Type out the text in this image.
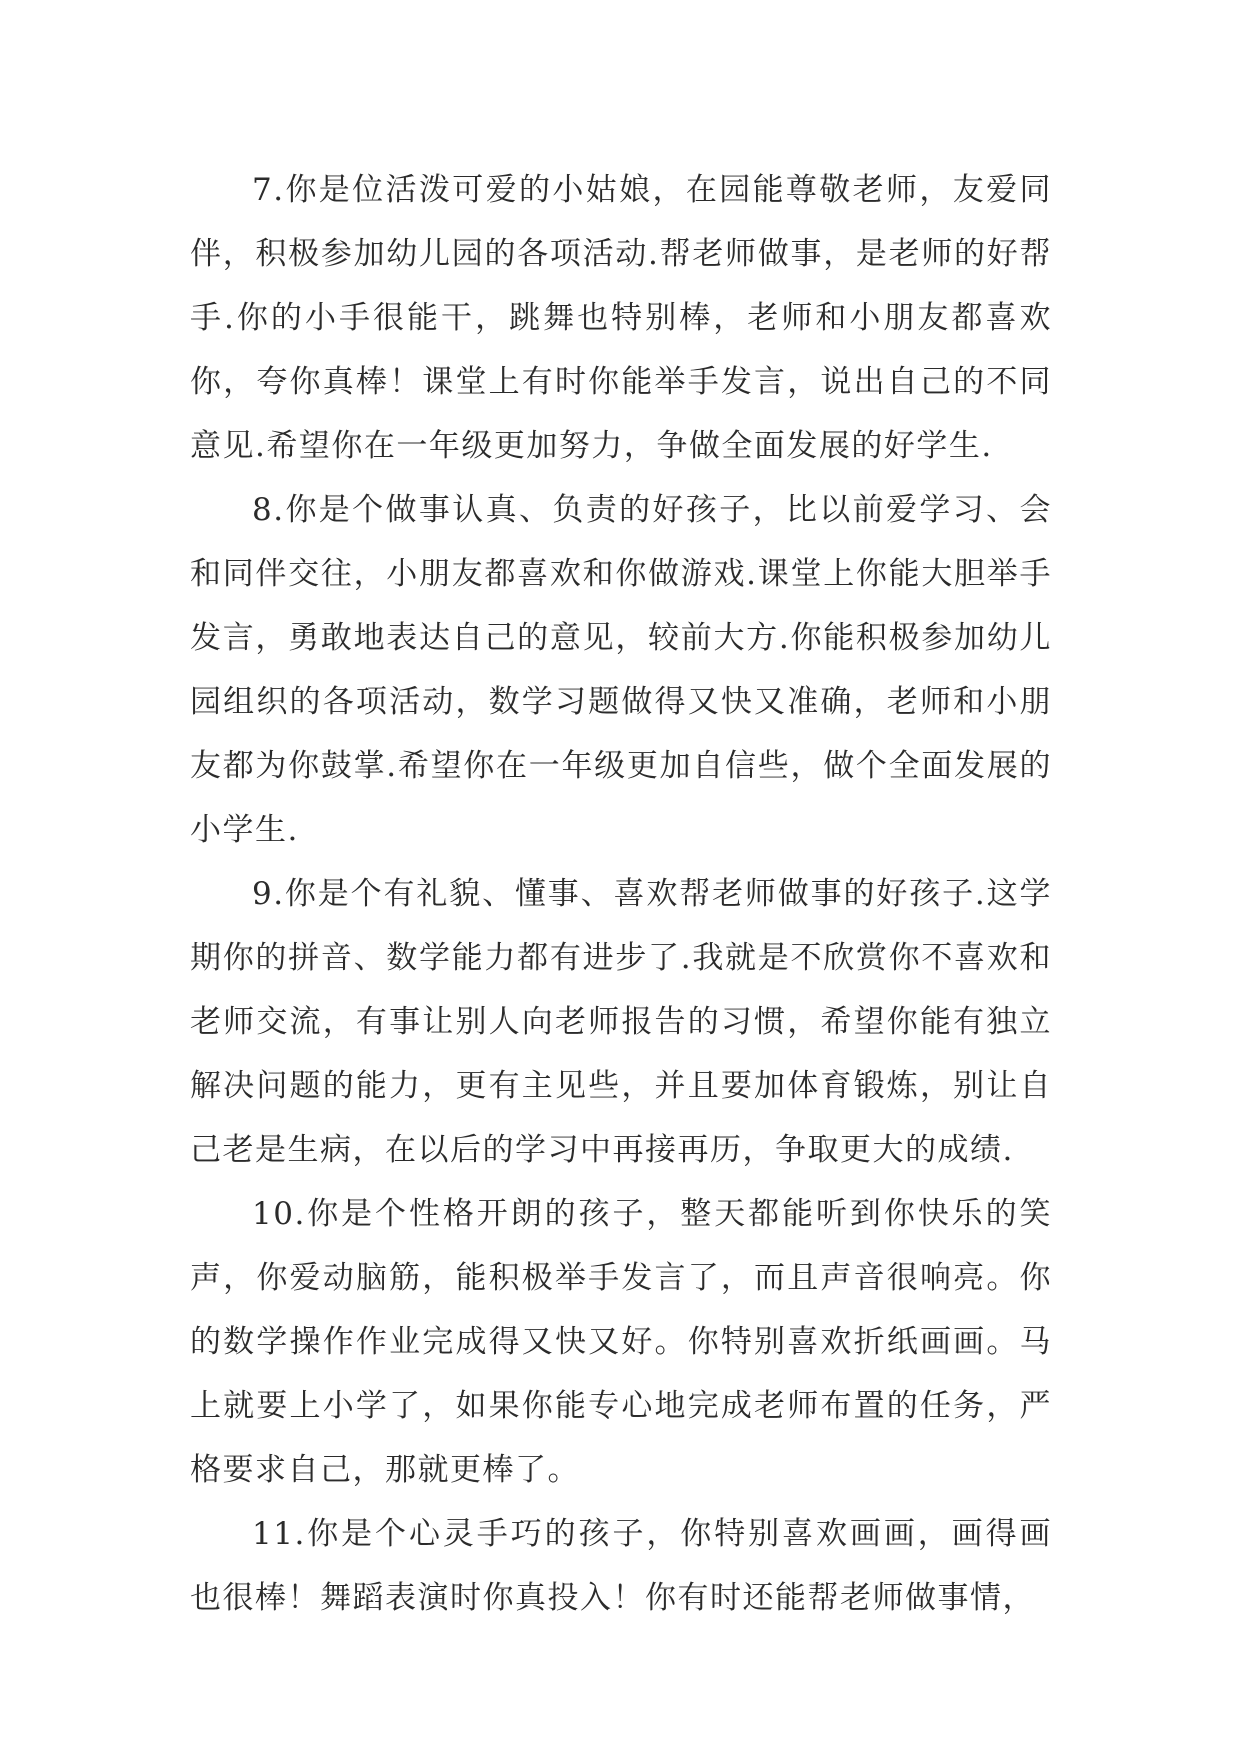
7.你是位活泼可爱的小姑娘，在园能尊敬老师，友爱同伴，积极参加幼儿园的各项活动.帮老师做事，是老师的好帮手.你的小手很能干，跳舞也特别棒，老师和小朋友都喜欢你，夸你真棒！课堂上有时你能举手发言，说出自己的不同意见.希望你在一年级更加努力，争做全面发展的好学生.

8.你是个做事认真、负责的好孩子，比以前爱学习、会和同伴交往，小朋友都喜欢和你做游戏.课堂上你能大胆举手发言，勇敢地表达自己的意见，较前大方.你能积极参加幼儿园组织的各项活动，数学习题做得又快又准确，老师和小朋友都为你鼓掌.希望你在一年级更加自信些，做个全面发展的小学生.

9.你是个有礼貌、懂事、喜欢帮老师做事的好孩子.这学期你的拼音、数学能力都有进步了.我就是不欣赏你不喜欢和老师交流，有事让别人向老师报告的习惯，希望你能有独立解决问题的能力，更有主见些，并且要加体育锻炼，别让自己老是生病，在以后的学习中再接再历，争取更大的成绩.

10.你是个性格开朗的孩子，整天都能听到你快乐的笑声，你爱动脑筋，能积极举手发言了，而且声音很响亮。你的数学操作作业完成得又快又好。你特别喜欢折纸画画。马上就要上小学了，如果你能专心地完成老师布置的任务，严格要求自己，那就更棒了。

11.你是个心灵手巧的孩子，你特别喜欢画画，画得画也很棒！舞蹈表演时你真投入！你有时还能帮老师做事情，
